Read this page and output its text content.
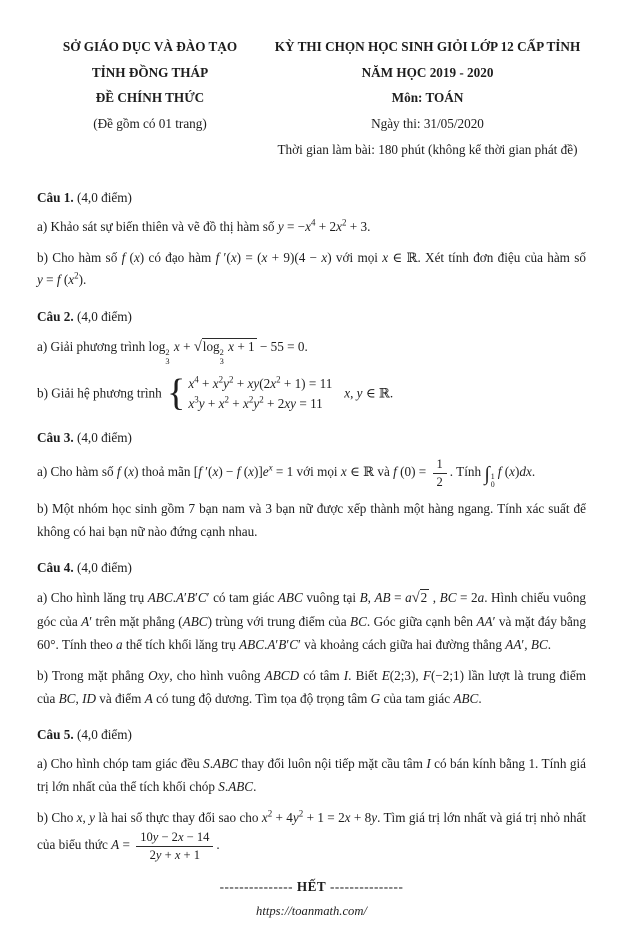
SỞ GIÁO DỤC VÀ ĐÀO TẠO
TỈNH ĐỒNG THÁP
ĐỀ CHÍNH THỨC
(Đề gồm có 01 trang)
KỲ THI CHỌN HỌC SINH GIỎI LỚP 12 CẤP TỈNH
NĂM HỌC 2019 - 2020
Môn: TOÁN
Ngày thi: 31/05/2020
Thời gian làm bài: 180 phút (không kể thời gian phát đề)

Câu 1. (4,0 điểm)

a) Khảo sát sự biến thiên và vẽ đồ thị hàm số $y = -x^4 + 2x^2 + 3$.

b) Cho hàm số f (x) có đạo hàm f ′(x) = (x + 9)(4 − x) với mọi x ∈ ℝ. Xét tính đơn điệu của hàm số y = f $(x^2)$.

Câu 2. (4,0 điểm)

a) Giải phương trình log 2
3
x + √ log 2
3
x + 1 − 55 = 0.

b) Giải hệ phương trình { $x^4 + x^2y^2 + xy(2x^2 + 1) = 11$
$x^3y + x^2 + x^2y^2 + 2xy = 11$
x, y ∈ ℝ.

Câu 3. (4,0 điểm)

a) Cho hàm số f (x) thoả mãn [f ′(x) − f $(x)]e^x = 1$ với mọi x ∈ ℝ và f $(0) = \frac{1}{2}$ . Tính ∫ 1
0
f (x)dx.

b) Một nhóm học sinh gồm 7 bạn nam và 3 bạn nữ được xếp thành một hàng ngang. Tính xác suất để không có hai bạn nữ nào đứng cạnh nhau.

Câu 4. (4,0 điểm)

a) Cho hình lăng trụ ABC.A′B′C′ có tam giác ABC vuông tại B, AB = a √ 2 , BC = 2a. Hình chiếu vuông góc của A′ trên mặt phẳng (ABC) trùng với trung điểm của BC. Góc giữa cạnh bên AA′ và mặt đáy bằng 60°. Tính theo a thể tích khối lăng trụ ABC.A′B′C′ và khoảng cách giữa hai đường thẳng AA′, BC.

b) Trong mặt phẳng Oxy, cho hình vuông ABCD có tâm I. Biết E(2;3), F(−2;1) lần lượt là trung điểm của BC, ID và điểm A có tung độ dương. Tìm tọa độ trọng tâm G của tam giác ABC.

Câu 5. (4,0 điểm)

a) Cho hình chóp tam giác đều S.ABC thay đổi luôn nội tiếp mặt cầu tâm I có bán kính bằng 1. Tính giá trị lớn nhất của thể tích khối chóp S.ABC.

b) Cho x, y là hai số thực thay đổi sao cho $x^2 + 4y^2 + 1 = 2x + 8y$. Tìm giá trị lớn nhất và giá trị nhỏ nhất của biểu thức $A = \frac{10y - 2x - 14}{2y + x + 1}$ .

--------------- HẾT ---------------
https://toanmath.com/
